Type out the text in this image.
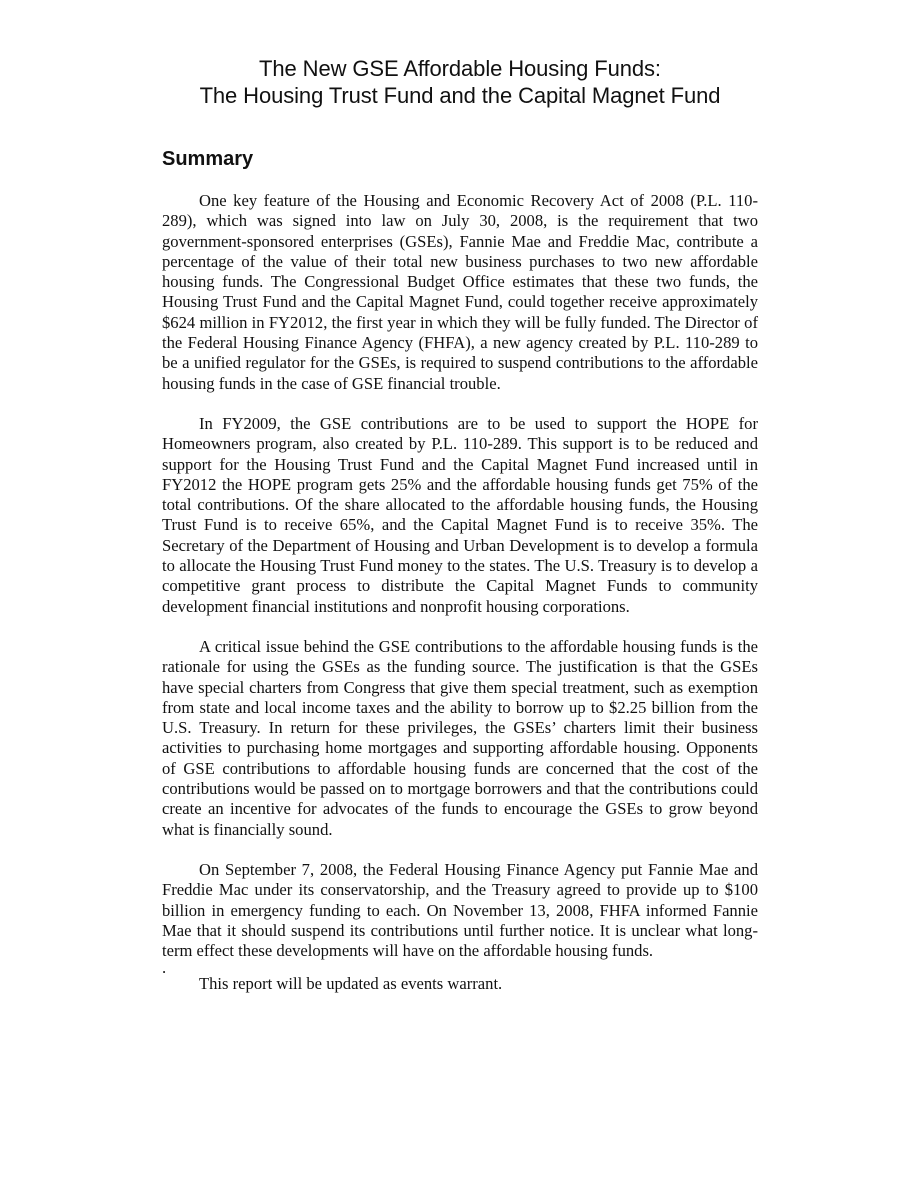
The New GSE Affordable Housing Funds:
The Housing Trust Fund and the Capital Magnet Fund
Summary

One key feature of the Housing and Economic Recovery Act of 2008 (P.L. 110-289), which was signed into law on July 30, 2008, is the requirement that two government-sponsored enterprises (GSEs), Fannie Mae and Freddie Mac, contribute a percentage of the value of their total new business purchases to two new affordable housing funds. The Congressional Budget Office estimates that these two funds, the Housing Trust Fund and the Capital Magnet Fund, could together receive approximately $624 million in FY2012, the first year in which they will be fully funded. The Director of the Federal Housing Finance Agency (FHFA), a new agency created by P.L. 110-289 to be a unified regulator for the GSEs, is required to suspend contributions to the affordable housing funds in the case of GSE financial trouble.

In FY2009, the GSE contributions are to be used to support the HOPE for Homeowners program, also created by P.L. 110-289. This support is to be reduced and support for the Housing Trust Fund and the Capital Magnet Fund increased until in FY2012 the HOPE program gets 25% and the affordable housing funds get 75% of the total contributions. Of the share allocated to the affordable housing funds, the Housing Trust Fund is to receive 65%, and the Capital Magnet Fund is to receive 35%. The Secretary of the Department of Housing and Urban Development is to develop a formula to allocate the Housing Trust Fund money to the states. The U.S. Treasury is to develop a competitive grant process to distribute the Capital Magnet Funds to community development financial institutions and nonprofit housing corporations.

A critical issue behind the GSE contributions to the affordable housing funds is the rationale for using the GSEs as the funding source. The justification is that the GSEs have special charters from Congress that give them special treatment, such as exemption from state and local income taxes and the ability to borrow up to $2.25 billion from the U.S. Treasury. In return for these privileges, the GSEs’ charters limit their business activities to purchasing home mortgages and supporting affordable housing. Opponents of GSE contributions to affordable housing funds are concerned that the cost of the contributions would be passed on to mortgage borrowers and that the contributions could create an incentive for advocates of the funds to encourage the GSEs to grow beyond what is financially sound.

On September 7, 2008, the Federal Housing Finance Agency put Fannie Mae and Freddie Mac under its conservatorship, and the Treasury agreed to provide up to $100 billion in emergency funding to each. On November 13, 2008, FHFA informed Fannie Mae that it should suspend its contributions until further notice. It is unclear what long-term effect these developments will have on the affordable housing funds.

.

This report will be updated as events warrant.
